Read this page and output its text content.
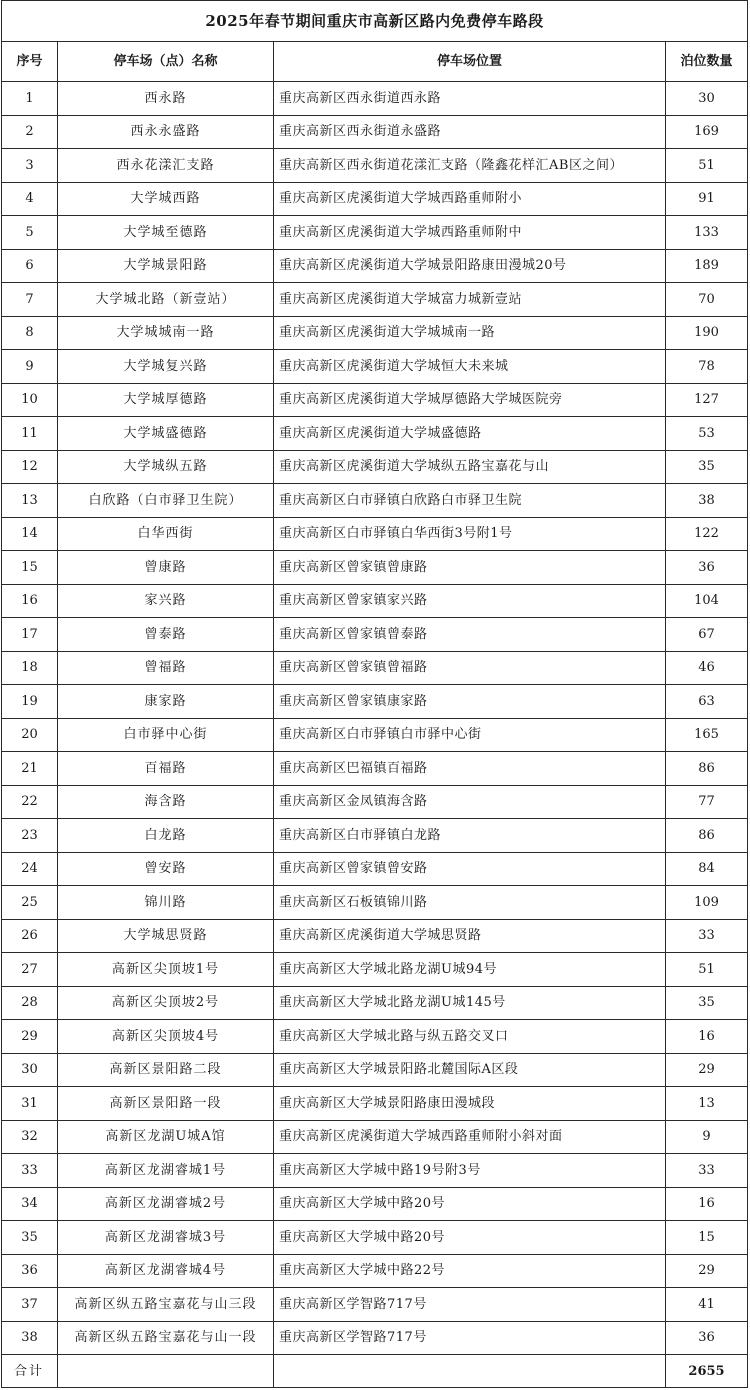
2025年春节期间重庆市高新区路内免费停车路段			
序号	停车场（点）名称	停车场位置	泊位数量
1	西永路	重庆高新区西永街道西永路	30
2	西永永盛路	重庆高新区西永街道永盛路	169
3	西永花漾汇支路	重庆高新区西永街道花漾汇支路（隆鑫花样汇AB区之间）	51
4	大学城西路	重庆高新区虎溪街道大学城西路重师附小	91
5	大学城至德路	重庆高新区虎溪街道大学城西路重师附中	133
6	大学城景阳路	重庆高新区虎溪街道大学城景阳路康田漫城20号	189
7	大学城北路（新壹站）	重庆高新区虎溪街道大学城富力城新壹站	70
8	大学城城南一路	重庆高新区虎溪街道大学城城南一路	190
9	大学城复兴路	重庆高新区虎溪街道大学城恒大未来城	78
10	大学城厚德路	重庆高新区虎溪街道大学城厚德路大学城医院旁	127
11	大学城盛德路	重庆高新区虎溪街道大学城盛德路	53
12	大学城纵五路	重庆高新区虎溪街道大学城纵五路宝嘉花与山	35
13	白欣路（白市驿卫生院）	重庆高新区白市驿镇白欣路白市驿卫生院	38
14	白华西街	重庆高新区白市驿镇白华西街3号附1号	122
15	曾康路	重庆高新区曾家镇曾康路	36
16	家兴路	重庆高新区曾家镇家兴路	104
17	曾泰路	重庆高新区曾家镇曾泰路	67
18	曾福路	重庆高新区曾家镇曾福路	46
19	康家路	重庆高新区曾家镇康家路	63
20	白市驿中心街	重庆高新区白市驿镇白市驿中心街	165
21	百福路	重庆高新区巴福镇百福路	86
22	海含路	重庆高新区金凤镇海含路	77
23	白龙路	重庆高新区白市驿镇白龙路	86
24	曾安路	重庆高新区曾家镇曾安路	84
25	锦川路	重庆高新区石板镇锦川路	109
26	大学城思贤路	重庆高新区虎溪街道大学城思贤路	33
27	高新区尖顶坡1号	重庆高新区大学城北路龙湖U城94号	51
28	高新区尖顶坡2号	重庆高新区大学城北路龙湖U城145号	35
29	高新区尖顶坡4号	重庆高新区大学城北路与纵五路交叉口	16
30	高新区景阳路二段	重庆高新区大学城景阳路北麓国际A区段	29
31	高新区景阳路一段	重庆高新区大学城景阳路康田漫城段	13
32	高新区龙湖U城A馆	重庆高新区虎溪街道大学城西路重师附小斜对面	9
33	高新区龙湖睿城1号	重庆高新区大学城中路19号附3号	33
34	高新区龙湖睿城2号	重庆高新区大学城中路20号	16
35	高新区龙湖睿城3号	重庆高新区大学城中路20号	15
36	高新区龙湖睿城4号	重庆高新区大学城中路22号	29
37	高新区纵五路宝嘉花与山三段	重庆高新区学智路717号	41
38	高新区纵五路宝嘉花与山一段	重庆高新区学智路717号	36
合计			2655
